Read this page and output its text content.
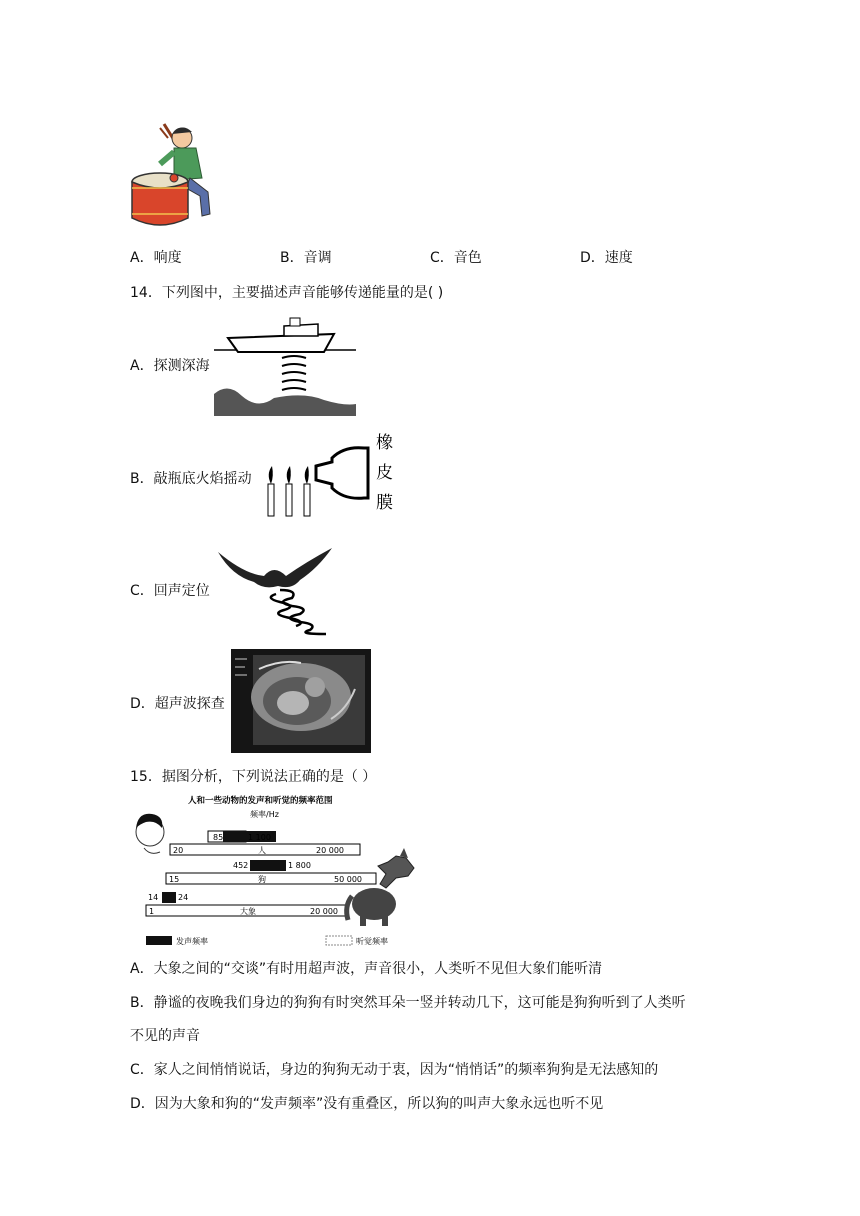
A．响度	B．音调	C．音色	D．速度
14．下列图中，主要描述声音能够传递能量的是( )
A．探测深海
B．敲瓶底火焰摇动
橡
皮
膜
C．回声定位
D．超声波探查
15．据图分析，下列说法正确的是（ ）
人和一些动物的发声和听觉的频率范围
频率/Hz
85	1 100
20	人	20 000
452	1 800
15	狗	50 000
14 24
1	大象	20 000
发声频率	听觉频率
A．大象之间的“交谈”有时用超声波，声音很小，人类听不见但大象们能听清
B．静谧的夜晚我们身边的狗狗有时突然耳朵一竖并转动几下，这可能是狗狗听到了人类听
不见的声音
C．家人之间悄悄说话，身边的狗狗无动于衷，因为“悄悄话”的频率狗狗是无法感知的
D．因为大象和狗的“发声频率”没有重叠区，所以狗的叫声大象永远也听不见
